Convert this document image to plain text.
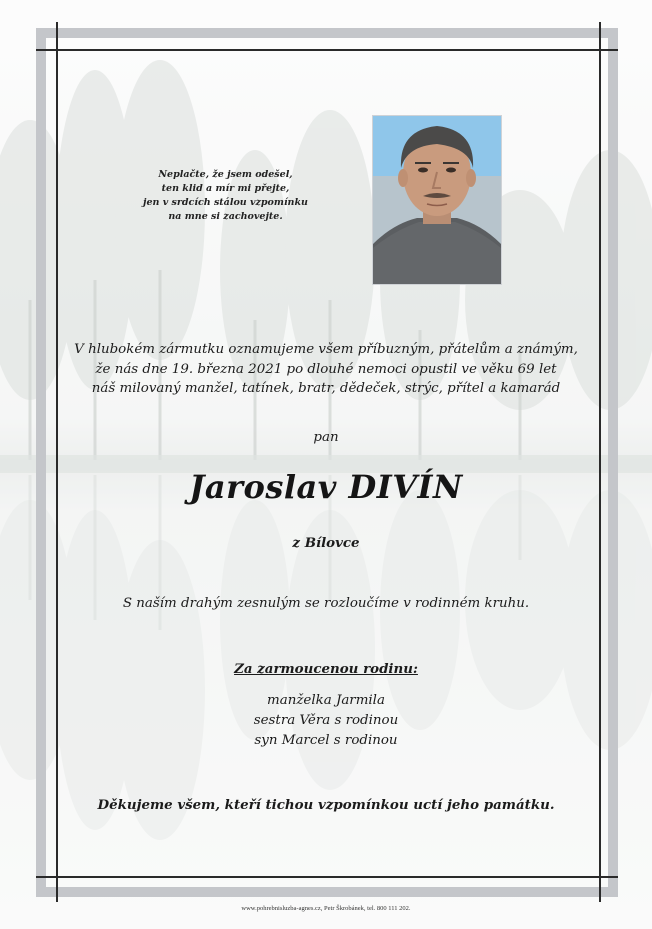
Neplačte, že jsem odešel,
ten klid a mír mi přejte,
jen v srdcích stálou vzpomínku
na mne si zachovejte.
V hlubokém zármutku oznamujeme všem příbuzným, přátelům a známým,
že nás dne 19. března 2021 po dlouhé nemoci opustil ve věku 69 let
náš milovaný manžel, tatínek, bratr, dědeček, strýc, přítel a kamarád
pan
Jaroslav DIVÍN
z Bílovce
S naším drahým zesnulým se rozloučíme v rodinném kruhu.
Za zarmoucenou rodinu:
manželka Jarmila
sestra Věra s rodinou
syn Marcel s rodinou
Děkujeme všem, kteří tichou vzpomínkou uctí jeho památku.
www.pohrebnisluzba-agnes.cz, Petr Škrobánek, tel. 800 111 202.
